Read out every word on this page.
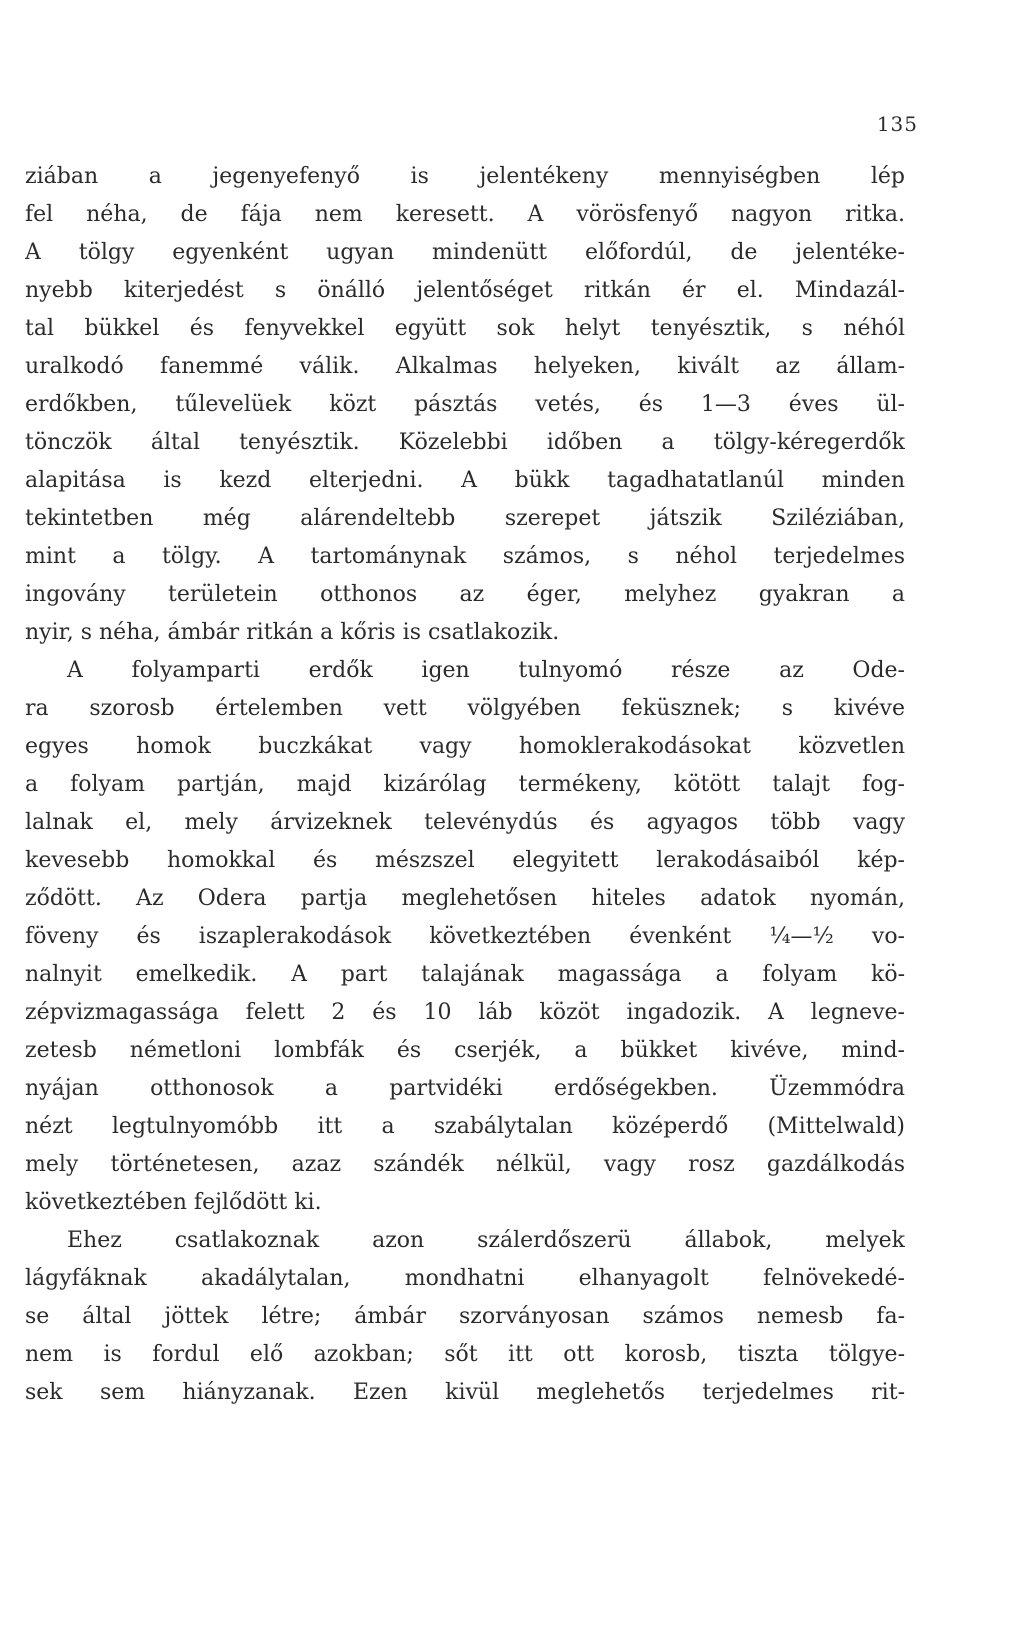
135
ziában a jegenyefenyő is jelentékeny mennyiségben lép
fel néha, de fája nem keresett. A vörösfenyő nagyon ritka.
A tölgy egyenként ugyan mindenütt előfordúl, de jelentéke-
nyebb kiterjedést s önálló jelentőséget ritkán ér el. Mindazál-
tal bükkel és fenyvekkel együtt sok helyt tenyésztik, s néhól
uralkodó fanemmé válik. Alkalmas helyeken, kivált az állam-
erdőkben, tűlevelüek közt pásztás vetés, és 1—3 éves ül-
tönczök által tenyésztik. Közelebbi időben a tölgy-kéregerdők
alapitása is kezd elterjedni. A bükk tagadhatatlanúl minden
tekintetben még alárendeltebb szerepet játszik Sziléziában,
mint a tölgy. A tartománynak számos, s néhol terjedelmes
ingovány területein otthonos az éger, melyhez gyakran a
nyir, s néha, ámbár ritkán a kőris is csatlakozik.
A folyamparti erdők igen tulnyomó része az Ode-
ra szorosb értelemben vett völgyében feküsznek; s kivéve
egyes homok buczkákat vagy homoklerakodásokat közvetlen
a folyam partján, majd kizárólag termékeny, kötött talajt fog-
lalnak el, mely árvizeknek televénydús és agyagos több vagy
kevesebb homokkal és mészszel elegyitett lerakodásaiból kép-
ződött. Az Odera partja meglehetősen hiteles adatok nyomán,
föveny és iszaplerakodások következtében évenként ¼—½ vo-
nalnyit emelkedik. A part talajának magassága a folyam kö-
zépvizmagassága felett 2 és 10 láb közöt ingadozik. A legneve-
zetesb németloni lombfák és cserjék, a bükket kivéve, mind-
nyájan otthonosok a partvidéki erdőségekben. Üzemmódra
nézt legtulnyomóbb itt a szabálytalan középerdő (Mittelwald)
mely történetesen, azaz szándék nélkül, vagy rosz gazdálkodás
következtében fejlődött ki.
Ehez csatlakoznak azon szálerdőszerü állabok, melyek
lágyfáknak akadálytalan, mondhatni elhanyagolt felnövekedé-
se által jöttek létre; ámbár szorványosan számos nemesb fa-
nem is fordul elő azokban; sőt itt ott korosb, tiszta tölgye-
sek sem hiányzanak. Ezen kivül meglehetős terjedelmes rit-
